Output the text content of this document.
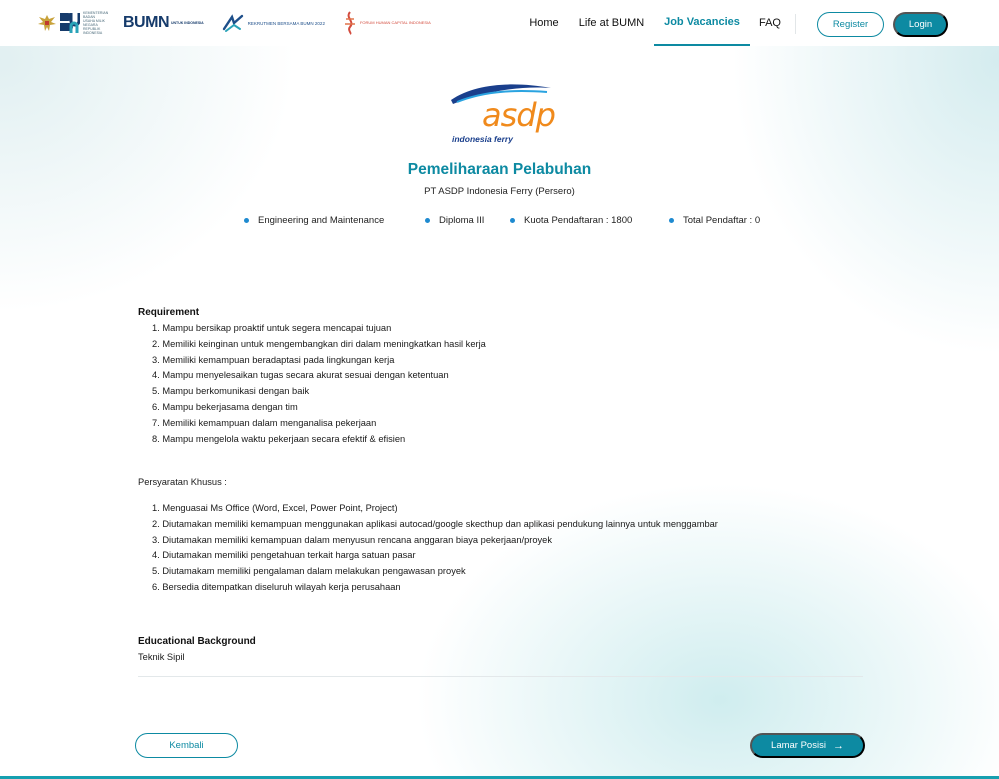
KEMENTERIAN BADAN USAHA MILIK NEGARA REPUBLIK INDONESIA
BUMN UNTUK INDONESIA	REKRUTMEN BERSAMA BUMN 2022	FORUM HUMAN CAPITAL INDONESIA	Home	Life at BUMN	Job Vacancies	FAQ	Register	Login
asdp
indonesia ferry
Pemeliharaan Pelabuhan
PT ASDP Indonesia Ferry (Persero)
Engineering and Maintenance	Diploma III	Kuota Pendaftaran : 1800	Total Pendaftar : 0
Requirement
1. Mampu bersikap proaktif untuk segera mencapai tujuan
2. Memiliki keinginan untuk mengembangkan diri dalam meningkatkan hasil kerja
3. Memiliki kemampuan beradaptasi pada lingkungan kerja
4. Mampu menyelesaikan tugas secara akurat sesuai dengan ketentuan
5. Mampu berkomunikasi dengan baik
6. Mampu bekerjasama dengan tim
7. Memiliki kemampuan dalam menganalisa pekerjaan
8. Mampu mengelola waktu pekerjaan secara efektif & efisien
Persyaratan Khusus :
1. Menguasai Ms Office (Word, Excel, Power Point, Project)
2. Diutamakan memiliki kemampuan menggunakan aplikasi autocad/google skecthup dan aplikasi pendukung lainnya untuk menggambar
3. Diutamakan memiliki kemampuan dalam menyusun rencana anggaran biaya pekerjaan/proyek
4. Diutamakan memiliki pengetahuan terkait harga satuan pasar
5. Diutamakam memiliki pengalaman dalam melakukan pengawasan proyek
6. Bersedia ditempatkan diseluruh wilayah kerja perusahaan
Educational Background
Teknik Sipil
Kembali	Lamar Posisi →
